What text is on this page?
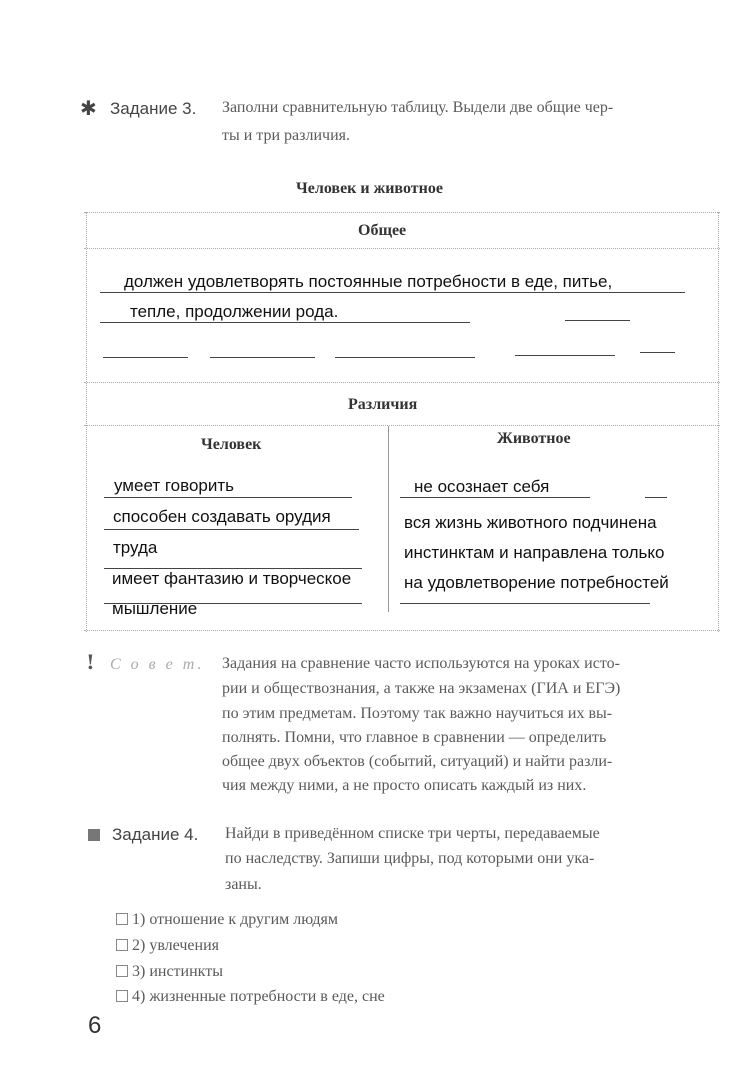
✱ Задание 3. Заполни сравнительную таблицу. Выдели две общие чер-
ты и три различия.
Человек и животное
Общее
должен удовлетворять постоянные потребности в еде, питье,
тепле, продолжении рода.
Различия
Человек	Животное
умеет говорить
способен создавать орудия
труда
имеет фантазию и творческое
мышление
не осознает себя
вся жизнь животного подчинена
инстинктам и направлена только
на удовлетворение потребностей
! С о в е т. Задания на сравнение часто используются на уроках исто-
рии и обществознания, а также на экзаменах (ГИА и ЕГЭ)
по этим предметам. Поэтому так важно научиться их вы-
полнять. Помни, что главное в сравнении — определить
общее двух объектов (событий, ситуаций) и найти разли-
чия между ними, а не просто описать каждый из них.
Задание 4. Найди в приведённом списке три черты, передаваемые
по наследству. Запиши цифры, под которыми они ука-
заны.
1) отношение к другим людям
2) увлечения
3) инстинкты
4) жизненные потребности в еде, сне
6
